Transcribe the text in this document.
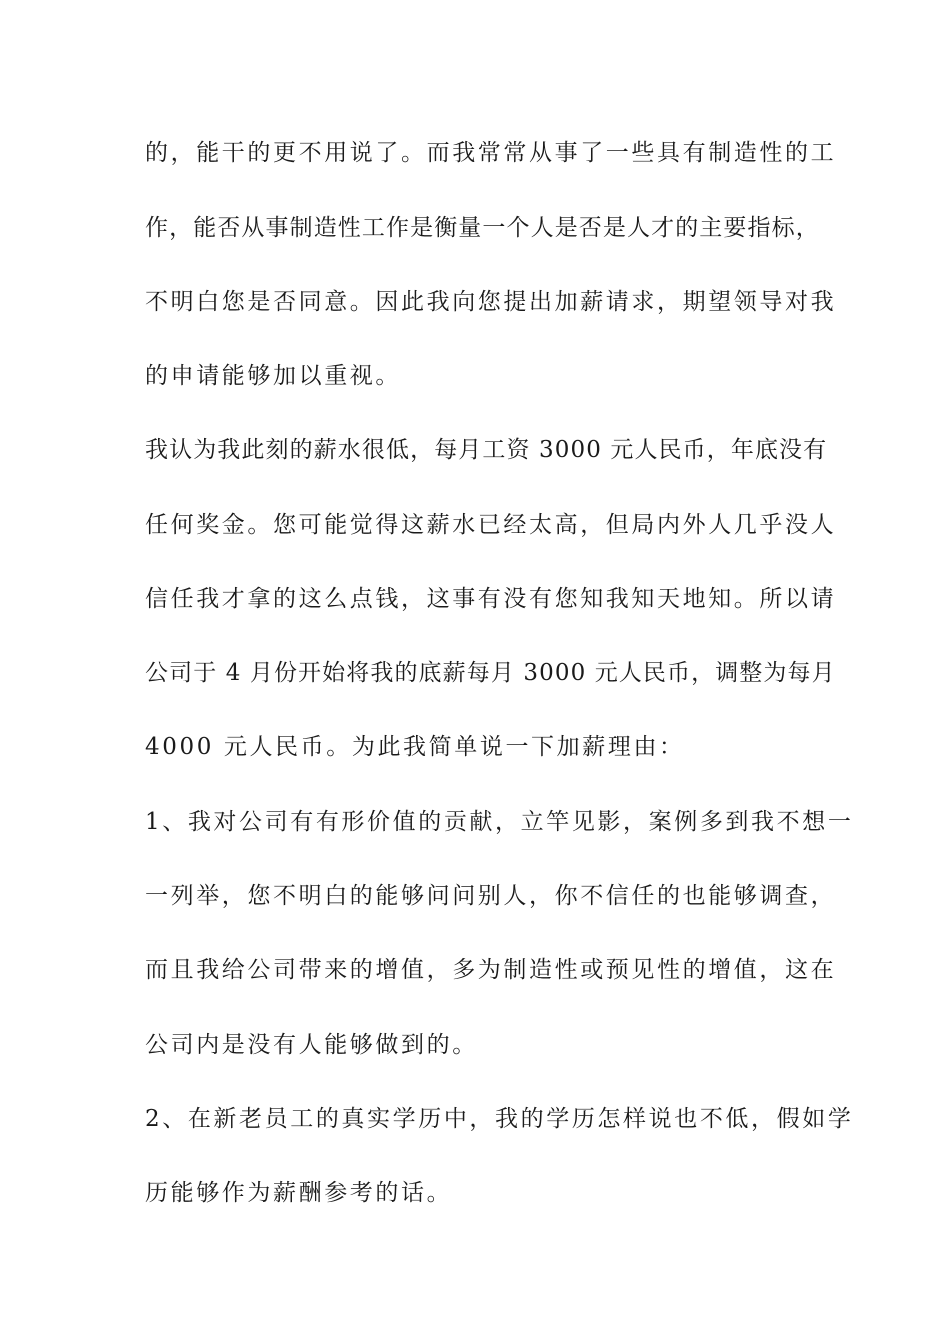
的，能干的更不用说了。而我常常从事了一些具有制造性的工
作，能否从事制造性工作是衡量一个人是否是人才的主要指标，
不明白您是否同意。因此我向您提出加薪请求，期望领导对我
的申请能够加以重视。
我认为我此刻的薪水很低，每月工资 3000 元人民币，年底没有
任何奖金。您可能觉得这薪水已经太高，但局内外人几乎没人
信任我才拿的这么点钱，这事有没有您知我知天地知。所以请
公司于 4 月份开始将我的底薪每月 3000 元人民币，调整为每月
4000 元人民币。为此我简单说一下加薪理由：
1、我对公司有有形价值的贡献，立竿见影，案例多到我不想一
一列举，您不明白的能够问问别人，你不信任的也能够调查，
而且我给公司带来的增值，多为制造性或预见性的增值，这在
公司内是没有人能够做到的。
2、在新老员工的真实学历中，我的学历怎样说也不低，假如学
历能够作为薪酬参考的话。
